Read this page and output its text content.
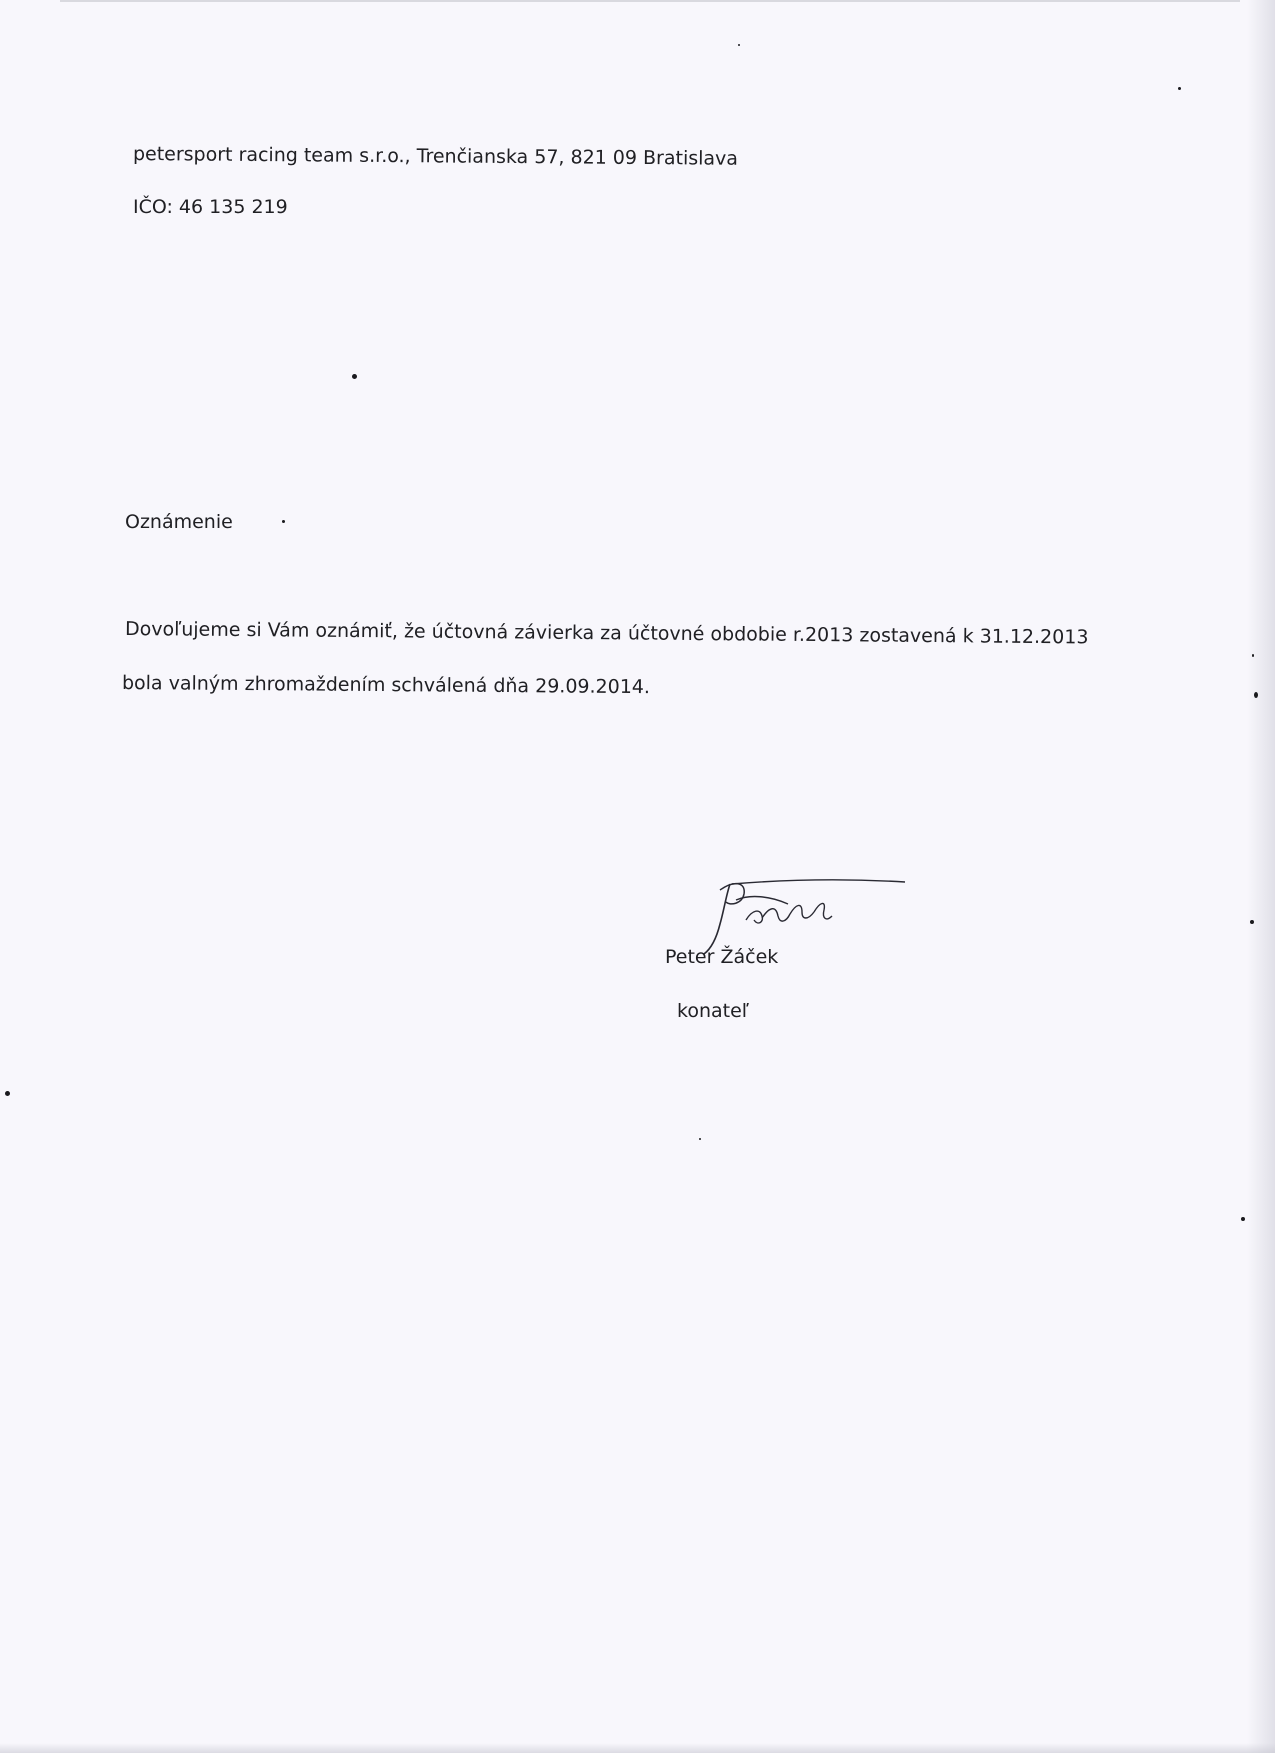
petersport racing team s.r.o., Trenčianska 57, 821 09 Bratislava
IČO: 46 135 219
Oznámenie
Dovoľujeme si Vám oznámiť, že účtovná závierka za účtovné obdobie r.2013 zostavená k 31.12.2013
bola valným zhromaždením schválená dňa 29.09.2014.
Peter Žáček
konateľ
